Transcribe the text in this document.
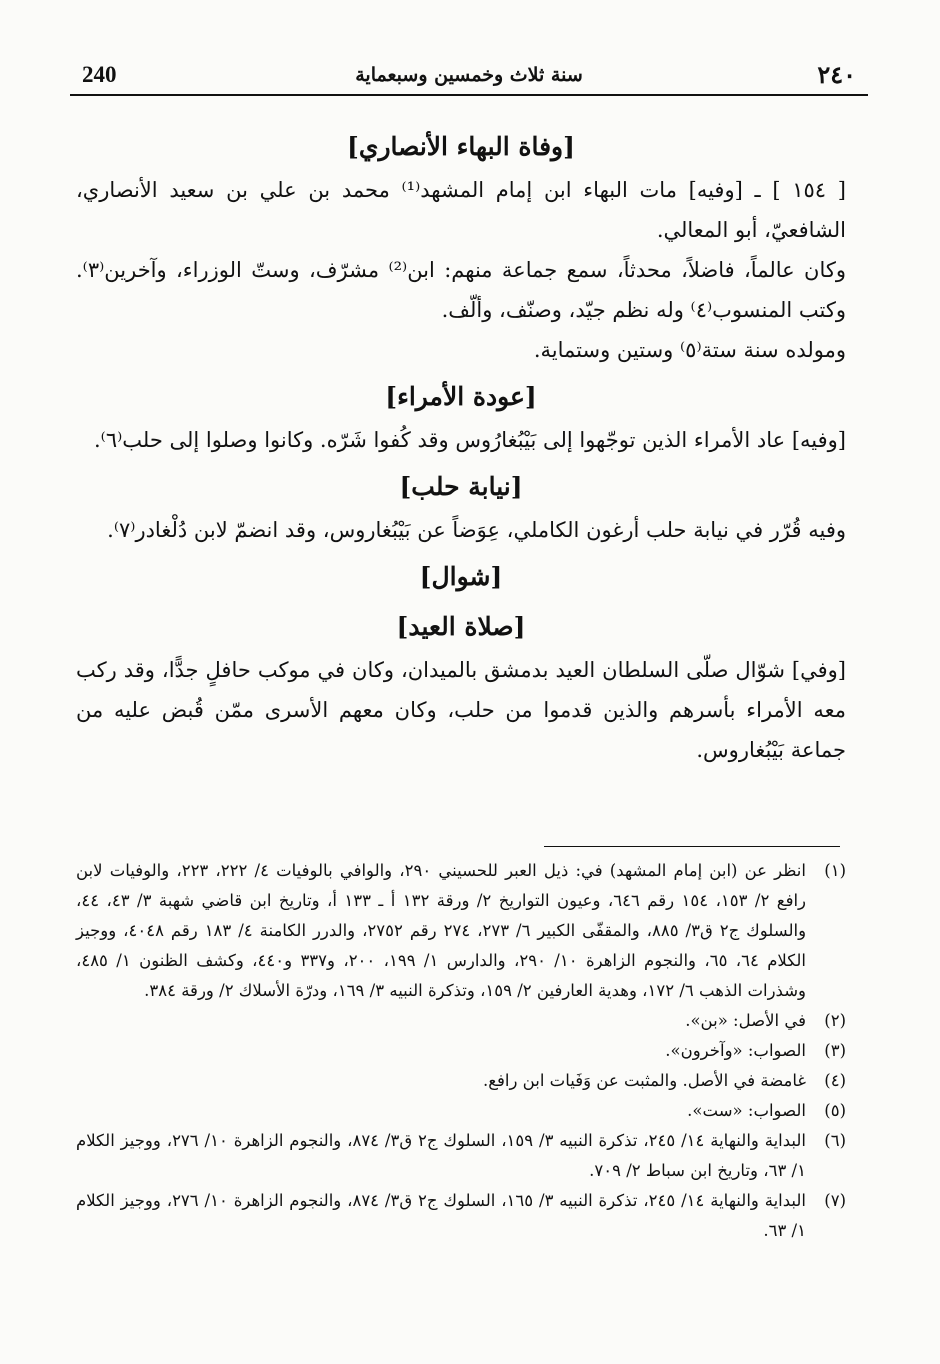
240	سنة ثلاث وخمسين وسبعماية	٢٤٠
[وفاة البهاء الأنصاري]

[ ١٥٤ ] ـ [وفيه] مات البهاء ابن إمام المشهد⁽¹⁾ محمد بن علي بن سعيد الأنصاري، الشافعيّ، أبو المعالي.

وكان عالماً، فاضلاً، محدثاً، سمع جماعة منهم: ابن⁽²⁾ مشرّف، وستّ الوزراء، وآخرين⁽٣⁾. وكتب المنسوب⁽٤⁾ وله نظم جيّد، وصنّف، وألّف.

ومولده سنة ستة⁽٥⁾ وستين وستماية.

[عودة الأمراء]

[وفيه] عاد الأمراء الذين توجّهوا إلى بَيْبُغارُوس وقد كُفوا شَرّه. وكانوا وصلوا إلى حلب⁽٦⁾.

[نيابة حلب]

وفيه قُرّر في نيابة حلب أرغون الكاملي، عِوَضاً عن بَيْبُغاروس، وقد انضمّ لابن دُلْغادر⁽٧⁾.

[شوال]
[صلاة العيد]

[وفي] شوّال صلّى السلطان العيد بدمشق بالميدان، وكان في موكب حافلٍ جدًّا، وقد ركب معه الأمراء بأسرهم والذين قدموا من حلب، وكان معهم الأسرى ممّن قُبض عليه من جماعة بَيْبُغاروس.

(١)
انظر عن (ابن إمام المشهد) في: ذيل العبر للحسيني ٢٩٠، والوافي بالوفيات ٤/ ٢٢٢، ٢٢٣، والوفيات لابن رافع ٢/ ١٥٣، ١٥٤ رقم ٦٤٦، وعيون التواريخ ٢/ ورقة ١٣٢ أ ـ ١٣٣ أ، وتاريخ ابن قاضي شهبة ٣/ ٤٣، ٤٤، والسلوك ج٢ ق٣/ ٨٨٥، والمقفّى الكبير ٦/ ٢٧٣، ٢٧٤ رقم ٢٧٥٢، والدرر الكامنة ٤/ ١٨٣ رقم ٤٠٤٨، ووجيز الكلام ٦٤، ٦٥، والنجوم الزاهرة ١٠/ ٢٩٠، والدارس ١/ ١٩٩، ٢٠٠، و٣٣٧ و٤٤٠، وكشف الظنون ١/ ٤٨٥، وشذرات الذهب ٦/ ١٧٢، وهدية العارفين ٢/ ١٥٩، وتذكرة النبيه ٣/ ١٦٩، ودرّة الأسلاك ٢/ ورقة ٣٨٤.
(٢)
في الأصل: «بن».
(٣)
الصواب: «وآخرون».
(٤)
غامضة في الأصل. والمثبت عن وَفَيات ابن رافع.
(٥)
الصواب: «ست».
(٦)
البداية والنهاية ١٤/ ٢٤٥، تذكرة النبيه ٣/ ١٥٩، السلوك ج٢ ق٣/ ٨٧٤، والنجوم الزاهرة ١٠/ ٢٧٦، ووجيز الكلام ١/ ٦٣، وتاريخ ابن سباط ٢/ ٧٠٩.
(٧)
البداية والنهاية ١٤/ ٢٤٥، تذكرة النبيه ٣/ ١٦٥، السلوك ج٢ ق٣/ ٨٧٤، والنجوم الزاهرة ١٠/ ٢٧٦، ووجيز الكلام ١/ ٦٣.
